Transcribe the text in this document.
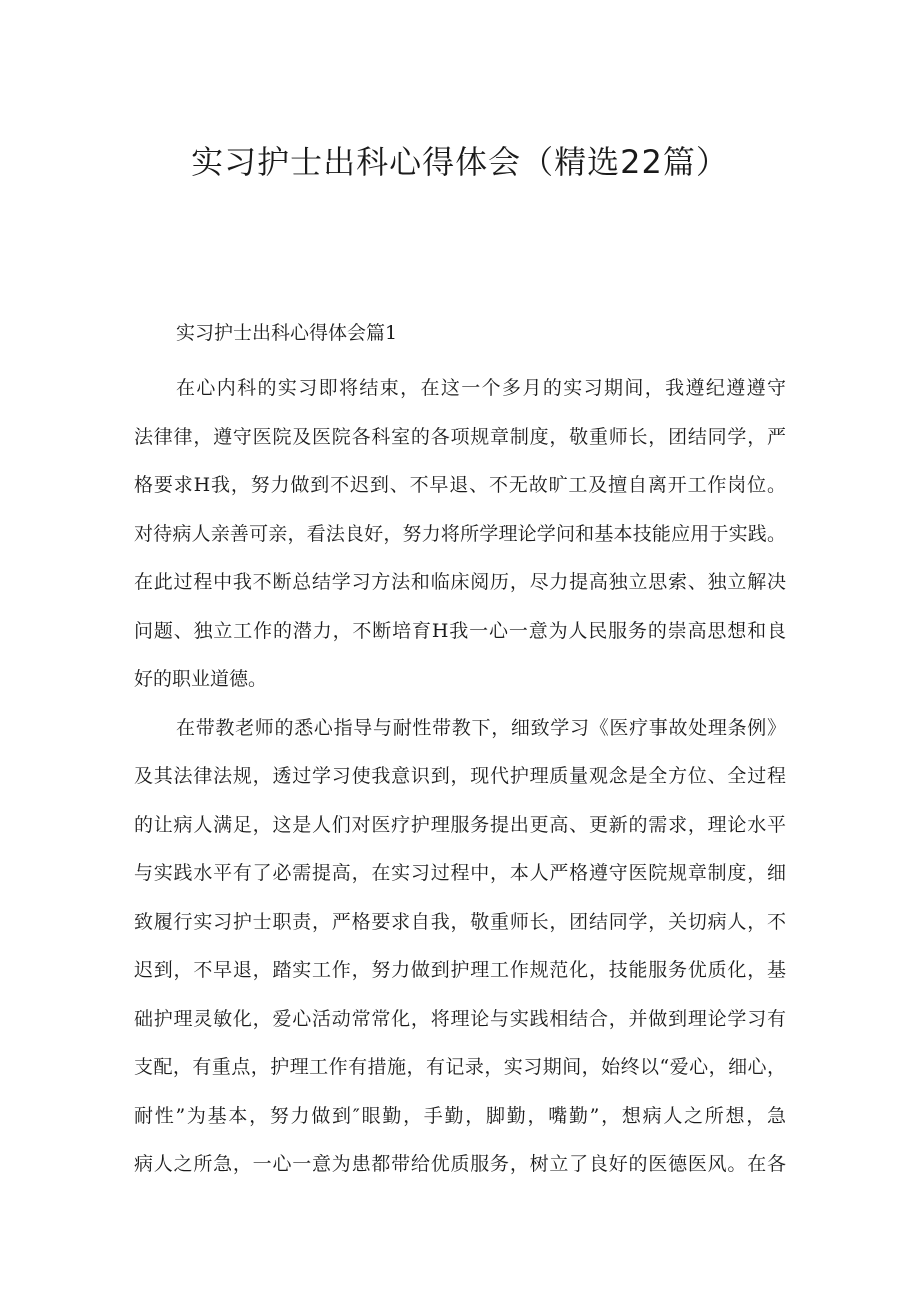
实习护士出科心得体会（精选22篇）
实习护士出科心得体会篇1
在心内科的实习即将结束，在这一个多月的实习期间，我遵纪遵遵守
法律律，遵守医院及医院各科室的各项规章制度，敬重师长，团结同学，严
格要求H我，努力做到不迟到、不早退、不无故旷工及擅自离开工作岗位。
对待病人亲善可亲，看法良好，努力将所学理论学问和基本技能应用于实践。
在此过程中我不断总结学习方法和临床阅历，尽力提高独立思索、独立解决
问题、独立工作的潜力，不断培育H我一心一意为人民服务的崇高思想和良
好的职业道德。
在带教老师的悉心指导与耐性带教下，细致学习《医疗事故处理条例》
及其法律法规，透过学习使我意识到，现代护理质量观念是全方位、全过程
的让病人满足，这是人们对医疗护理服务提出更高、更新的需求，理论水平
与实践水平有了必需提高，在实习过程中，本人严格遵守医院规章制度，细
致履行实习护士职责，严格要求自我，敬重师长，团结同学，关切病人，不
迟到，不早退，踏实工作，努力做到护理工作规范化，技能服务优质化，基
础护理灵敏化，爱心活动常常化，将理论与实践相结合，并做到理论学习有
支配，有重点，护理工作有措施，有记录，实习期间，始终以“爱心，细心，
耐性”为基本，努力做到″眼勤，手勤，脚勤，嘴勤”，想病人之所想，急
病人之所急，一心一意为患都带给优质服务，树立了良好的医德医风。在各
